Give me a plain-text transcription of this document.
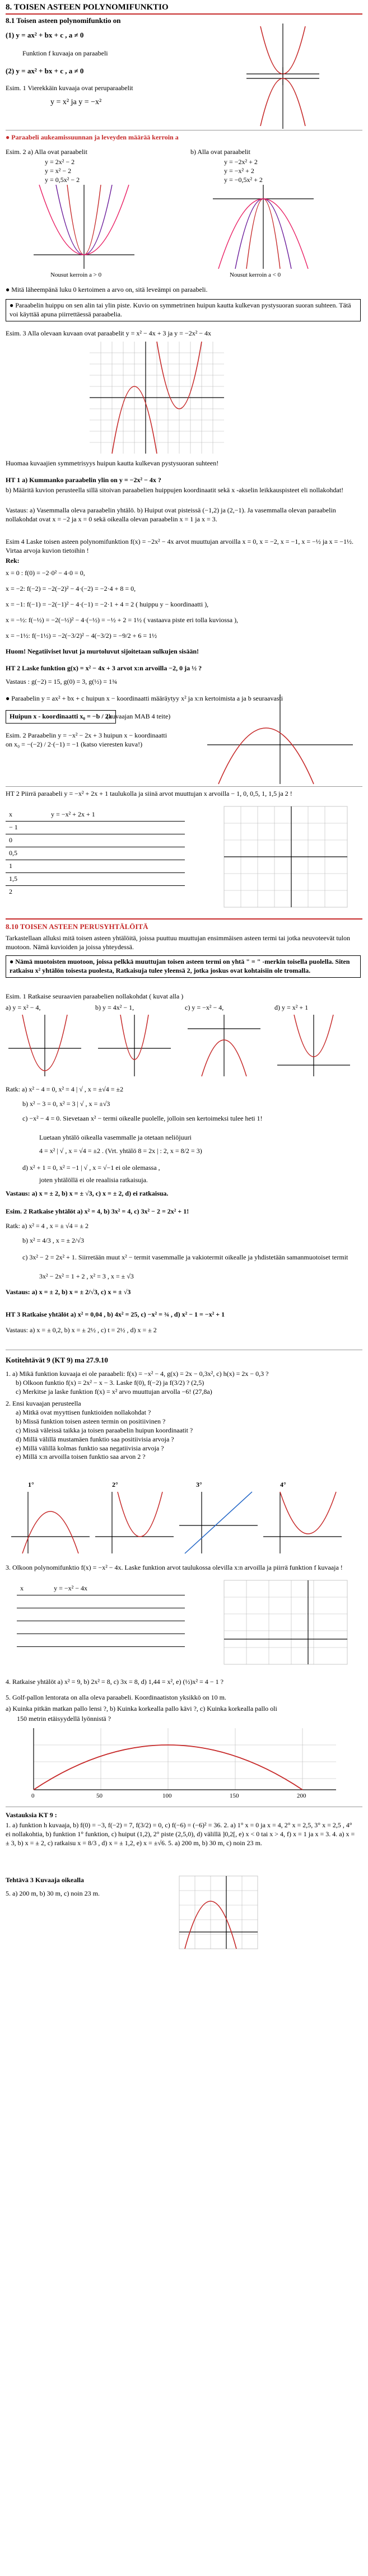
8. TOISEN ASTEEN POLYNOMIFUNKTIO
8.1 Toisen asteen polynomifunktio on
(1) y = ax² + bx + c , a ≠ 0
Funktion f kuvaaja on paraabeli
(2) y = ax² + bx + c , a ≠ 0
Esim. 1 Vierekkäin kuvaaja ovat peruparaabelit
y = x² ja y = −x²
● Paraabeli aukeamissuunnan ja leveyden määrää kerroin a
Esim. 2 a) Alla ovat paraabelit
y = 2x² − 2
y = x² − 2
y = 0,5x² − 2
b) Alla ovat paraabelit
y = −2x² + 2
y = −x² + 2
y = −0,5x² + 2
Nousut kerroin a > 0	Nousut kerroin a < 0
● Mitä läheempänä luku 0 kertoimen a arvo on, sitä leveämpi on paraabeli.
● Paraabelin huippu on sen alin tai ylin piste. Kuvio on symmetrinen huipun kautta kulkevan pystysuoran suoran suhteen. Tätä voi käyttää apuna piirrettäessä paraabelia.
Esim. 3 Alla olevaan kuvaan ovat paraabelit y = x² − 4x + 3 ja y = −2x² − 4x
Huomaa kuvaajien symmetrisyys huipun kautta kulkevan pystysuoran suhteen!
HT 1 a) Kummanko paraabelin ylin on y = −2x² − 4x ?
b) Määritä kuvion perusteella sillä sitoivan paraabelien huippujen koordinaatit sekä x -akselin leikkauspisteet eli nollakohdat!
Vastaus: a) Vasemmalla oleva paraabelin yhtälö. b) Huiput ovat pisteissä (−1,2) ja (2,−1). Ja vasemmalla olevan paraabelin nollakohdat ovat x = −2 ja x = 0 sekä oikealla olevan paraabelin x = 1 ja x = 3.
Esim 4 Laske toisen asteen polynomifunktion f(x) = −2x² − 4x arvot muuttujan arvoilla x = 0, x = −2, x = −1, x = −½ ja x = −1½. Virtaa arvoja kuvion tietoihin !
Rek:
x = 0 : f(0) = −2·0² − 4·0 = 0,
x = −2: f(−2) = −2(−2)² − 4·(−2) = −2·4 + 8 = 0,
x = −1: f(−1) = −2(−1)² − 4·(−1) = −2·1 + 4 = 2 ( huippu y − koordinaatti ),
x = −½: f(−½) = −2(−½)² − 4·(−½) = −½ + 2 = 1½ ( vastaava piste eri tolla kuviossa ),
x = −1½: f(−1½) = −2(−3/2)² − 4(−3/2) = −9/2 + 6 = 1½
Huom! Negatiiviset luvut ja murtoluvut sijoitetaan sulkujen sisään!
HT 2 Laske funktion g(x) = x² − 4x + 3 arvot x:n arvoilla −2, 0 ja ½ ?
Vastaus : g(−2) = 15, g(0) = 3, g(½) = 1¾
● Paraabelin y = ax² + bx + c huipun x − koordinaatti määräytyy x² ja x:n kertoimista a ja b seuraavasti
Huipun x - koordinaatti x₀ = −b / 2a
(kuvaajan MAB 4 teite)
Esim. 2 Paraabelin y = −x² − 2x + 3 huipun x − koordinaatti on x₀ = −(−2) / 2·(−1) = −1 (katso vieresten kuva!)
HT 2 Piirrä paraabeli y = −x² + 2x + 1 taulukolla ja siinä arvot muuttujan x arvoilla − 1, 0, 0,5, 1, 1,5 ja 2 !
x	y = −x² + 2x + 1
− 1	
0	
0,5	
1	
1,5	
2	
8.10 TOISEN ASTEEN PERUSYHTÄLÖITÄ
Tarkastellaan alluksi mitä toisen asteen yhtälöitä, joissa puuttuu muuttujan ensimmäisen asteen termi tai jotka neuvoteevät tulon muotoon. Nämä kuvioiden ja joissa yhteydessä.
● Nämä muotoisten muotoon, joissa pelkkä muuttujan toisen asteen termi on yhtä " = " -merkin toisella puolella. Siten ratkaisu x² yhtälön toisesta puolesta, Ratkaisuja tulee yleensä 2, jotka joskus ovat kohtaisiin ole tromalla.
Esim. 1 Ratkaise seuraavien paraabelien nollakohdat ( kuvat alla )
a) y = x² − 4,	b) y = 4x² − 1,	c) y = −x² − 4,	d) y = x² + 1
Ratk: a) x² − 4 = 0, x² = 4 | √ , x = ±√4 = ±2
b) x² − 3 = 0, x² = 3 | √ , x = ±√3
c) −x² − 4 = 0. Sievetaan x² − termi oikealle puolelle, jolloin sen kertoimeksi tulee heti 1!
Luetaan yhtälö oikealla vasemmalle ja otetaan neliöjuuri
4 = x² | √ , x = √4 = ±2 . (Vrt. yhtälö 8 = 2x | : 2, x = 8/2 = 3)
d) x² + 1 = 0, x² = −1 | √ , x = √−1 ei ole olemassa ,
joten yhtälöllä ei ole reaalisia ratkaisuja.
Vastaus: a) x = ± 2, b) x = ± √3, c) x = ± 2, d) ei ratkaisua.
Esim. 2 Ratkaise yhtälöt a) x² = 4, b) 3x² = 4, c) 3x² − 2 = 2x² + 1!
Ratk: a) x² = 4 , x = ± √4 = ± 2
b) x² = 4/3 , x = ± 2/√3
c) 3x² − 2 = 2x² + 1. Siirretään muut x² − termit vasemmalle ja vakiotermit oikealle ja yhdistetään samanmuotoiset termit
3x² − 2x² = 1 + 2 , x² = 3 , x = ± √3
Vastaus: a) x = ± 2, b) x = ± 2/√3, c) x = ± √3
HT 3 Ratkaise yhtälöt a) x² = 0,04 , b) 4x² = 25, c) −x² = ¾ , d) x² − 1 = −x² + 1
Vastaus: a) x = ± 0,2, b) x = ± 2½ , c) t = 2½ , d) x = ± 2
Kotitehtävät 9 (KT 9) ma 27.9.10
1. a) Mikä funktion kuvaaja ei ole paraabeli: f(x) = −x² − 4, g(x) = 2x − 0,3x², c) h(x) = 2x − 0,3 ?
b) Olkoon funktio f(x) = 2x² − x − 3. Laske f(0), f(−2) ja f(3/2) ? (2,5)
c) Merkitse ja laske funktion f(x) = x² arvo muuttujan arvolla −6! (27,8a)
2. Ensi kuvaajan perusteella
a) Mitkä ovat myyttisen funktioiden nollakohdat ?
b) Missä funktion toisen asteen termin on positiivinen ?
c) Missä väleissä taikka ja toisen paraabelin huipun koordinaatit ?
d) Millä välillä mustamäen funktio saa positiivisia arvoja ?
e) Millä välillä kolmas funktio saa negatiivisia arvoja ?
e) Millä x:n arvoilla toisen funktio saa arvon 2 ?
1°	2°	3°	4°
3. Olkoon polynomifunktio f(x) = −x² − 4x. Laske funktion arvot taulukossa olevilla x:n arvoilla ja piirrä funktion f kuvaaja !
x	y = −x² − 4x

4. Ratkaise yhtälöt a) x² = 9, b) 2x² = 8, c) 3x = 8, d) 1,44 = x², e) (½)x² = 4 − 1 ?
5. Golf-pallon lentorata on alla oleva paraabeli. Koordinaatiston yksikkö on 10 m.
a) Kuinka pitkän matkan pallo lensi ?, b) Kuinka korkealla pallo kävi ?, c) Kuinka korkealla pallo oli
150 metrin etäisyydellä lyönnistä ?
0	50	100	150	200
Vastauksia KT 9 :
1. a) funktion h kuvaaja, b) f(0) = −3, f(−2) = 7, f(3/2) = 0, c) f(−6) = (−6)² = 36. 2. a) 1° x = 0 ja x = 4, 2° x = 2,5, 3° x = 2,5 , 4° ei nollakohtia, b) funktion 1° funktion, c) huiput (1,2), 2° piste (2,5,0), d) välillä ]0,2[, e) x < 0 tai x > 4, f) x = 1 ja x = 3. 4. a) x = ± 3, b) x = ± 2, c) ratkaisu x = 8/3 , d) x = ± 1,2, e) x = ±√6. 5. a) 200 m, b) 30 m, c) noin 23 m.
Tehtävä 3 Kuvaaja oikealla
5. a) 200 m, b) 30 m, c) noin 23 m.
